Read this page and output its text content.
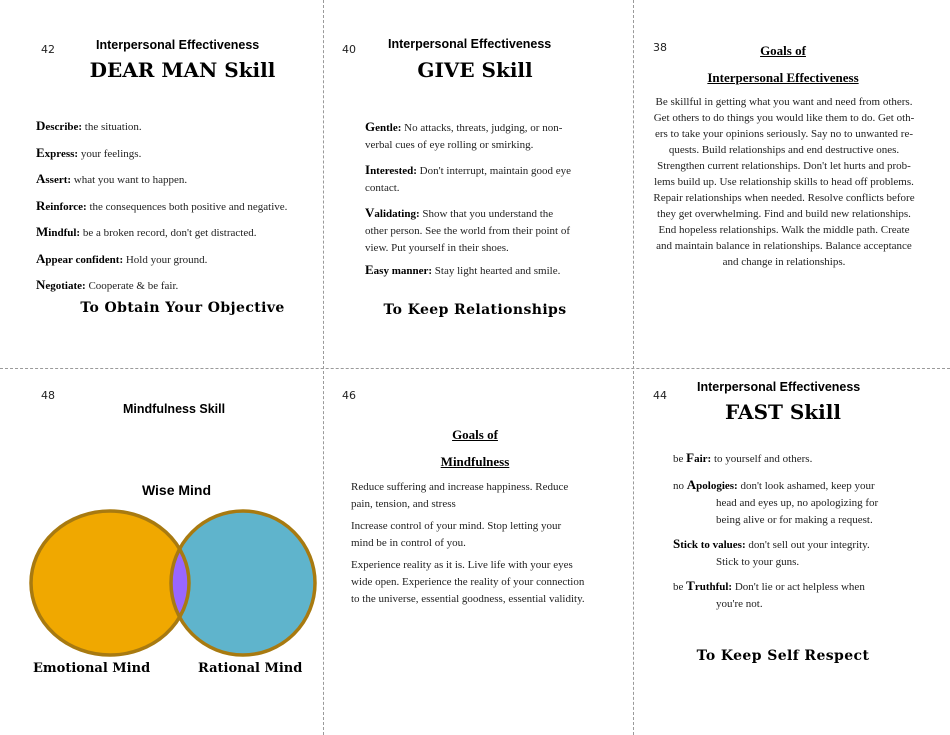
42	Interpersonal Effectiveness
DEAR MAN Skill
Describe: the situation.
Express: your feelings.
Assert: what you want to happen.
Reinforce: the consequences both positive and negative.
Mindful: be a broken record, don't get distracted.
Appear confident: Hold your ground.
Negotiate: Cooperate & be fair.
To Obtain Your Objective
40	Interpersonal Effectiveness
GIVE Skill
Gentle: No attacks, threats, judging, or non-
verbal cues of eye rolling or smirking.
Interested: Don't interrupt, maintain good eye
contact.
Validating: Show that you understand the
other person. See the world from their point of
view. Put yourself in their shoes.
Easy manner: Stay light hearted and smile.
To Keep Relationships
38	Goals of
Interpersonal Effectiveness
Be skillful in getting what you want and need from others.
Get others to do things you would like them to do. Get oth-
ers to take your opinions seriously. Say no to unwanted re-
quests. Build relationships and end destructive ones.
Strengthen current relationships. Don't let hurts and prob-
lems build up. Use relationship skills to head off problems.
Repair relationships when needed. Resolve conflicts before
they get overwhelming. Find and build new relationships.
End hopeless relationships. Walk the middle path. Create
and maintain balance in relationships. Balance acceptance
and change in relationships.
48
Mindfulness Skill
Wise Mind
Emotional Mind	Rational Mind
46
Goals of
Mindfulness
Reduce suffering and increase happiness. Reduce
pain, tension, and stress
Increase control of your mind. Stop letting your
mind be in control of you.
Experience reality as it is. Live life with your eyes
wide open. Experience the reality of your connection
to the universe, essential goodness, essential validity.
44
Interpersonal Effectiveness
FAST Skill
be Fair: to yourself and others.
no Apologies: don't look ashamed, keep your
head and eyes up, no apologizing for
being alive or for making a request.
Stick to values: don't sell out your integrity.
Stick to your guns.
be Truthful: Don't lie or act helpless when
you're not.
To Keep Self Respect
